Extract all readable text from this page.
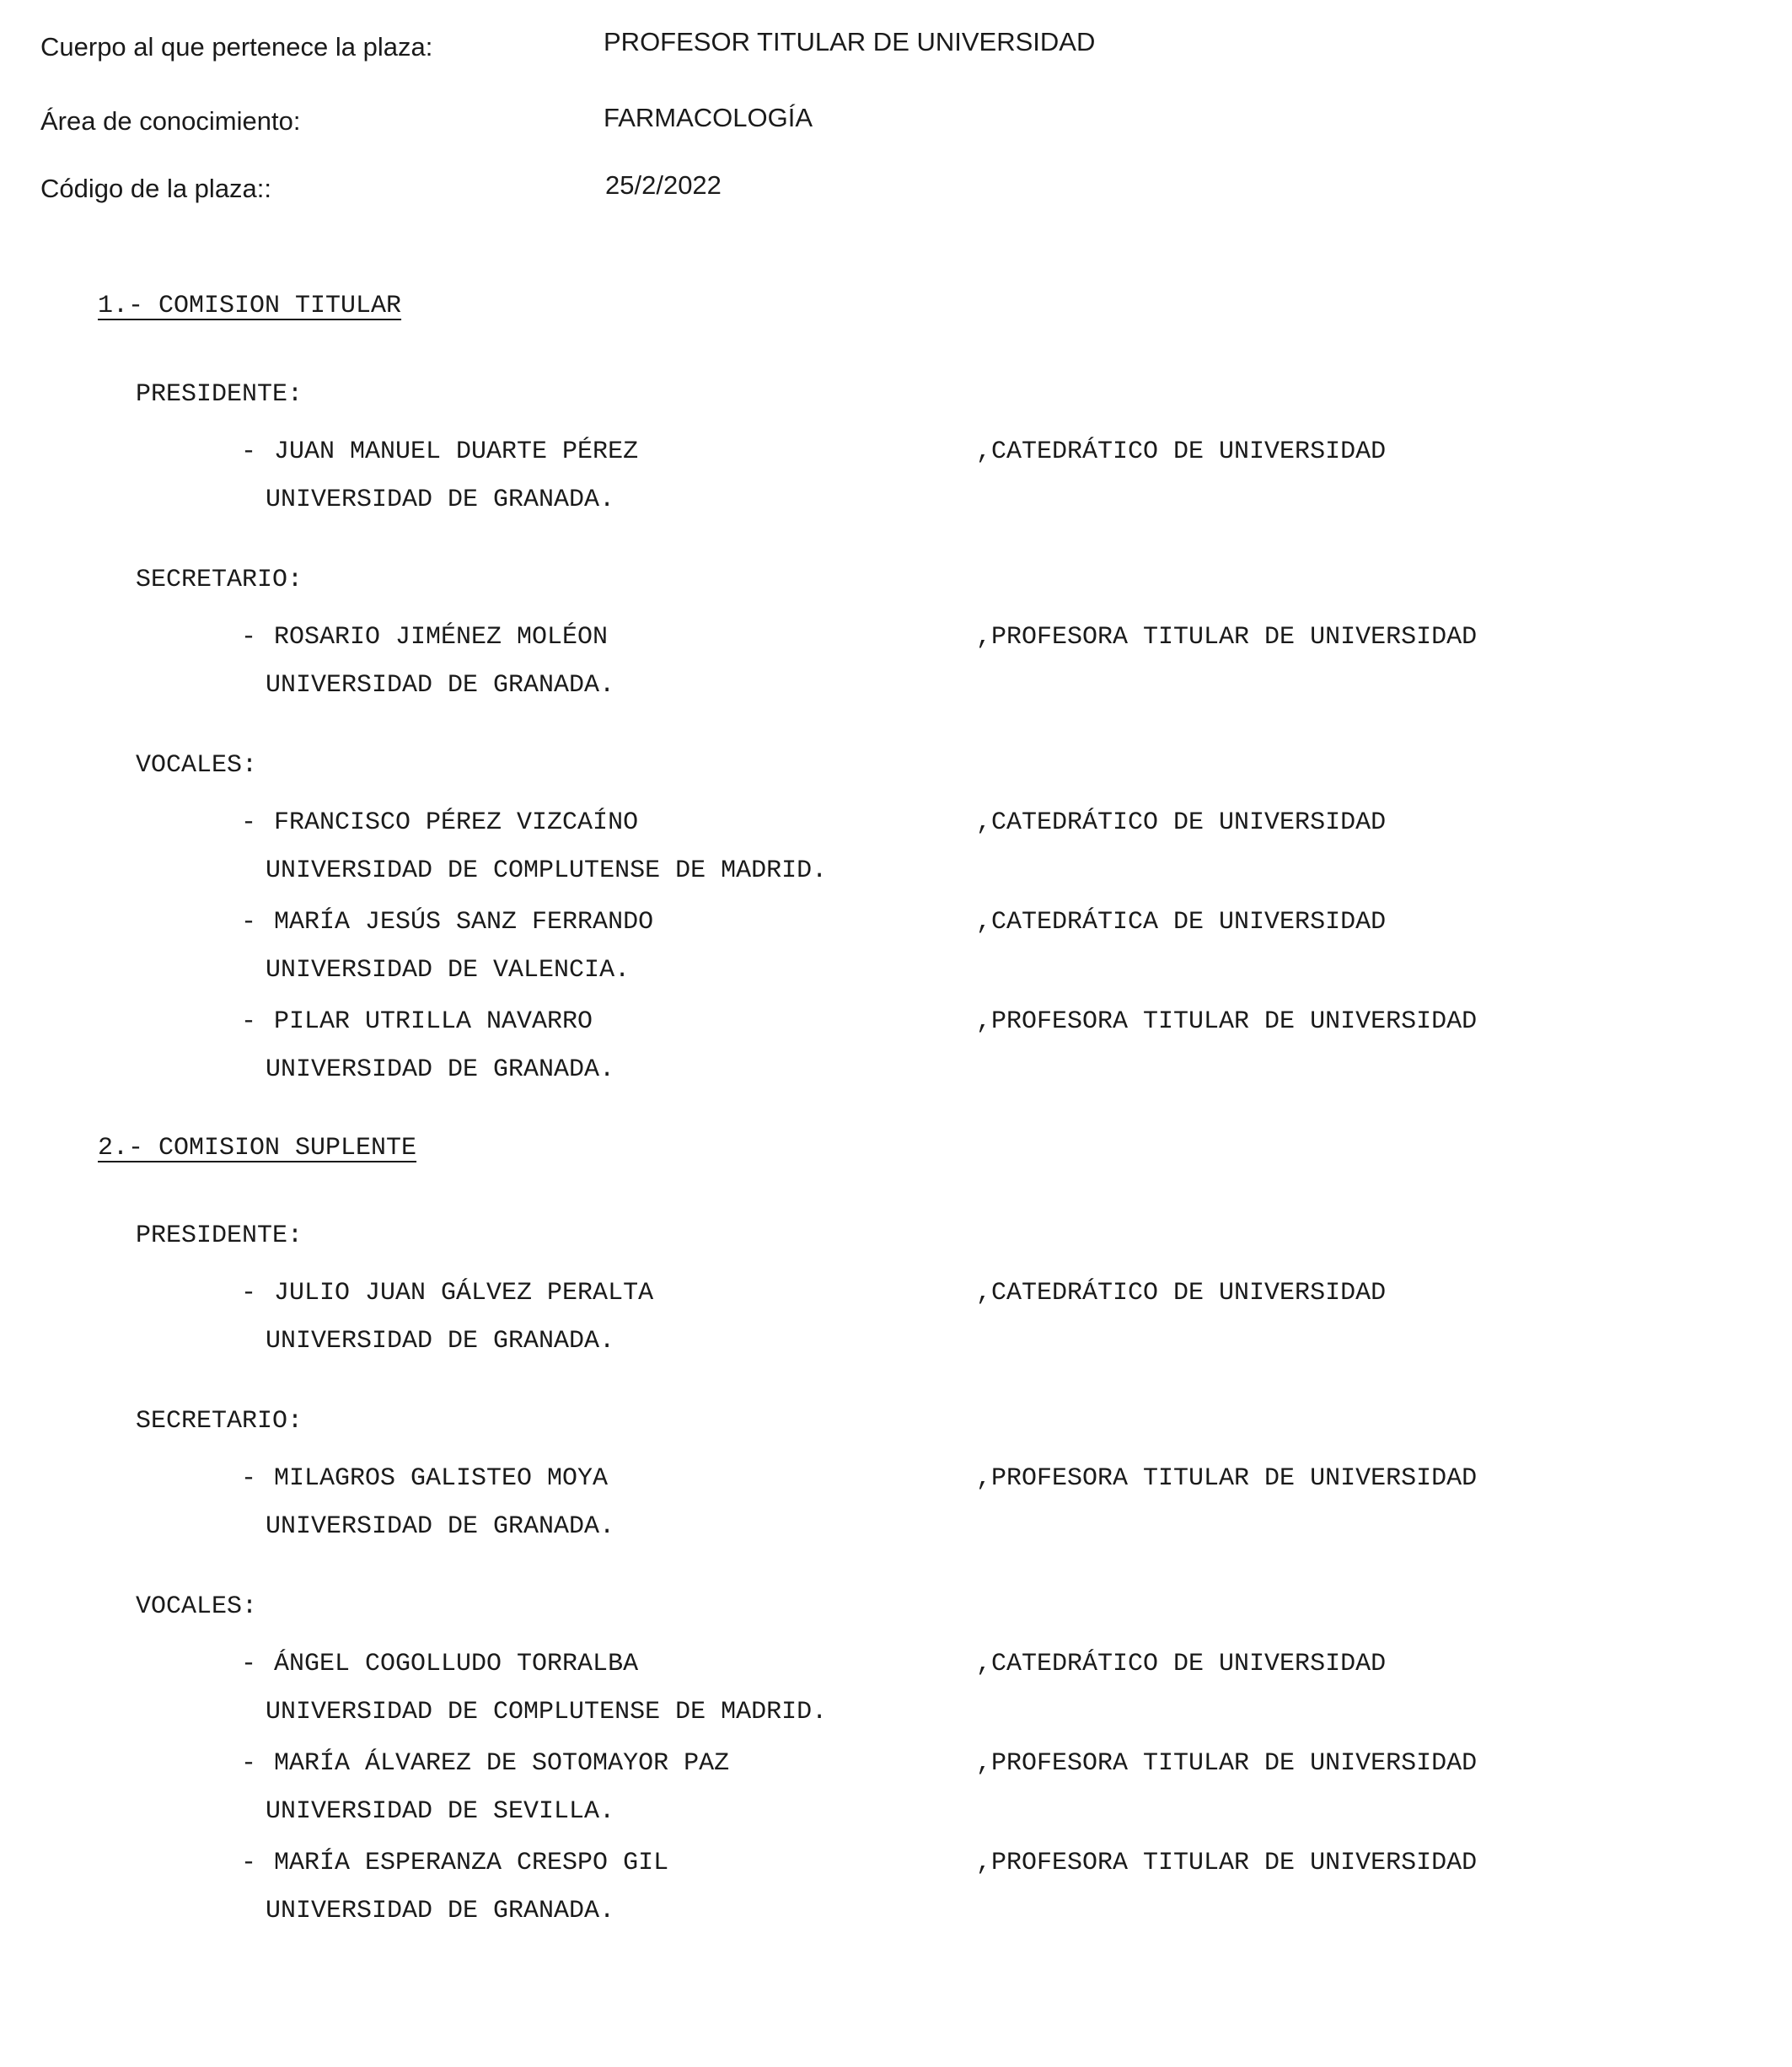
Cuerpo al que pertenece la plaza:	PROFESOR TITULAR DE UNIVERSIDAD
Área de conocimiento:	FARMACOLOGÍA
Código de la plaza::	25/2/2022
1.- COMISION TITULAR
PRESIDENTE:

-

JUAN MANUEL DUARTE PÉREZ

	,CATEDRÁTICO DE UNIVERSIDAD

UNIVERSIDAD DE GRANADA.

SECRETARIO:

-

ROSARIO JIMÉNEZ MOLÉON

	,PROFESORA TITULAR DE UNIVERSIDAD

UNIVERSIDAD DE GRANADA.

VOCALES:

-

FRANCISCO PÉREZ VIZCAÍNO

	,CATEDRÁTICO DE UNIVERSIDAD

UNIVERSIDAD DE COMPLUTENSE DE MADRID.

-

MARÍA JESÚS SANZ FERRANDO

	,CATEDRÁTICA DE UNIVERSIDAD

UNIVERSIDAD DE VALENCIA.

-

PILAR UTRILLA NAVARRO

	,PROFESORA TITULAR DE UNIVERSIDAD

UNIVERSIDAD DE GRANADA.

2.- COMISION SUPLENTE
PRESIDENTE:

-

JULIO JUAN GÁLVEZ PERALTA

	,CATEDRÁTICO DE UNIVERSIDAD

UNIVERSIDAD DE GRANADA.

SECRETARIO:

-

MILAGROS GALISTEO MOYA

	,PROFESORA TITULAR DE UNIVERSIDAD

UNIVERSIDAD DE GRANADA.

VOCALES:

-

ÁNGEL COGOLLUDO TORRALBA

	,CATEDRÁTICO DE UNIVERSIDAD

UNIVERSIDAD DE COMPLUTENSE DE MADRID.

-

MARÍA ÁLVAREZ DE SOTOMAYOR PAZ

	,PROFESORA TITULAR DE UNIVERSIDAD

UNIVERSIDAD DE SEVILLA.

-

MARÍA ESPERANZA CRESPO GIL

	,PROFESORA TITULAR DE UNIVERSIDAD

UNIVERSIDAD DE GRANADA.
